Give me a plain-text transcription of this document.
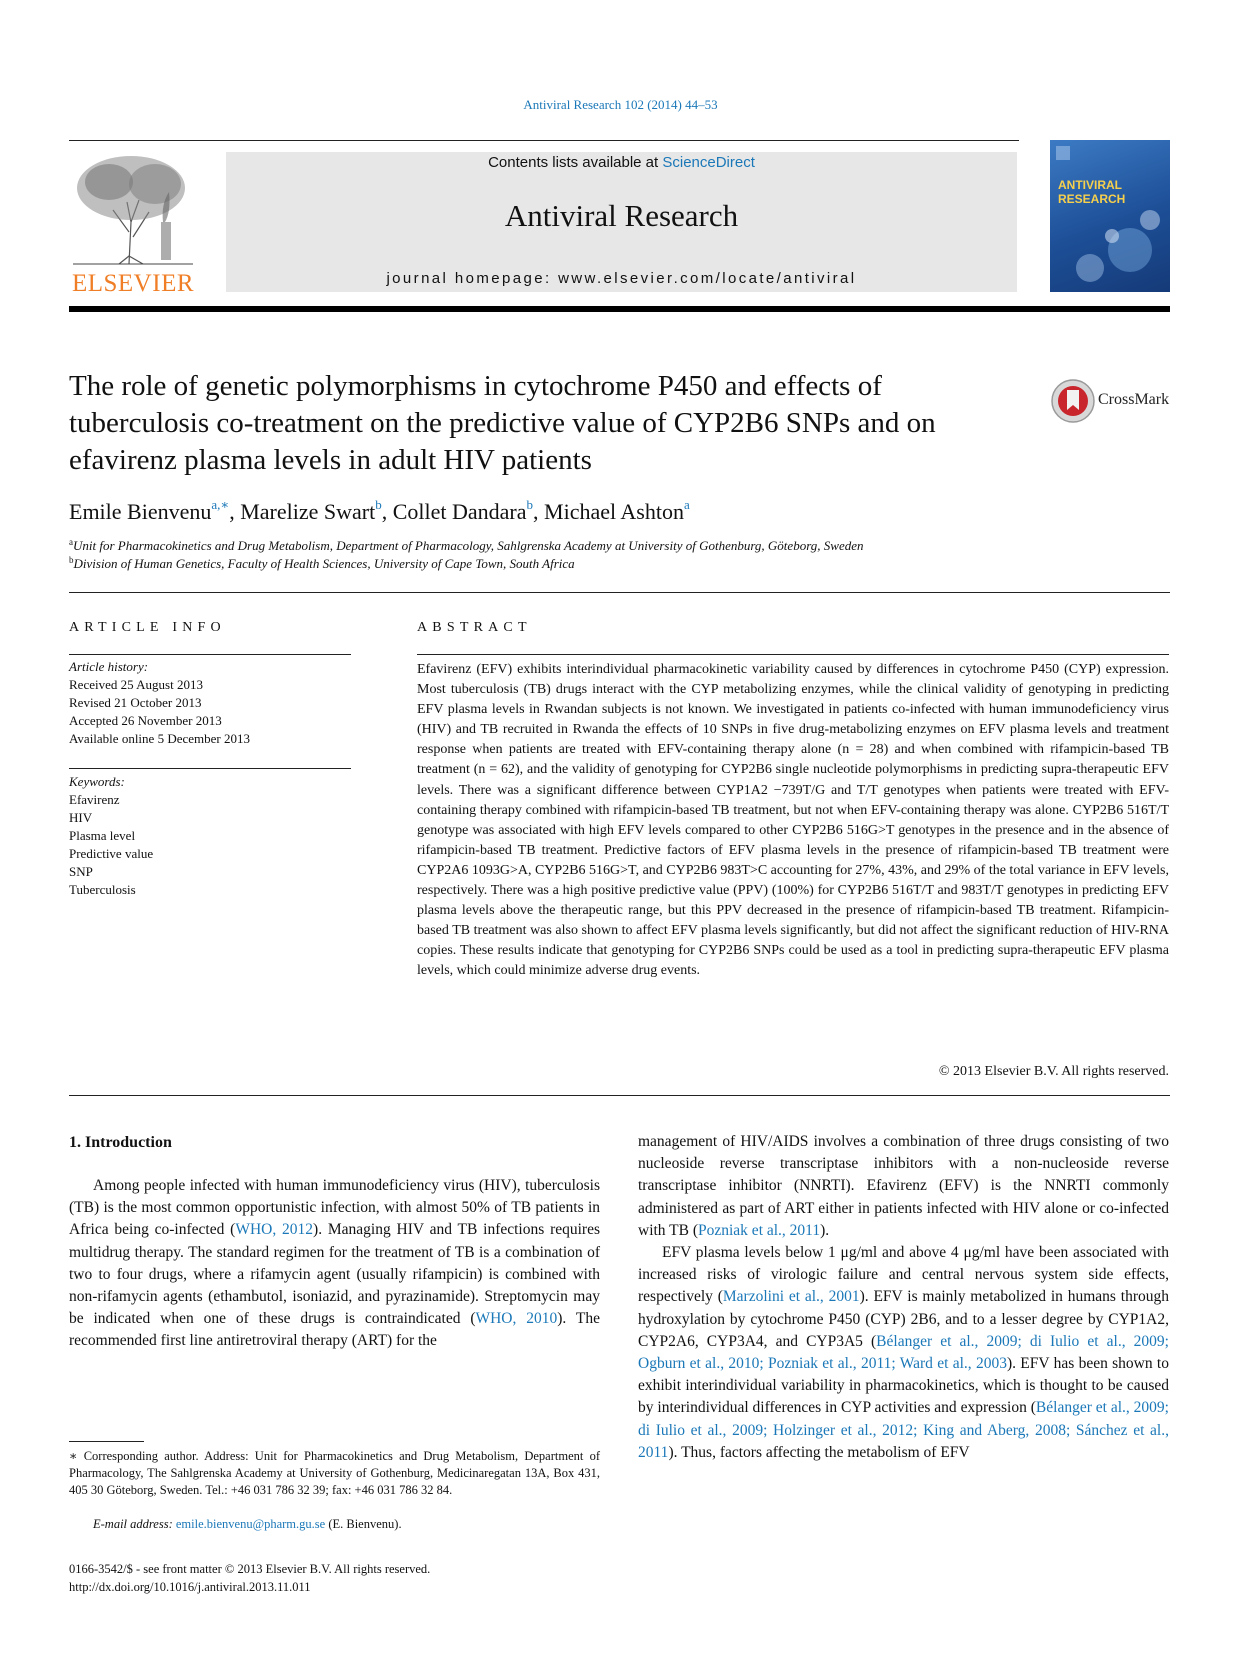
Antiviral Research 102 (2014) 44–53
ELSEVIER
Contents lists available at ScienceDirect
Antiviral Research
journal homepage: www.elsevier.com/locate/antiviral
ANTIVIRAL RESEARCH
The role of genetic polymorphisms in cytochrome P450 and effects of tuberculosis co-treatment on the predictive value of CYP2B6 SNPs and on efavirenz plasma levels in adult HIV patients
CrossMark
Emile Bienvenu$^{a,∗}$, Marelize Swart$^b$, Collet Dandara$^b$, Michael Ashton$^a$
$^a$Unit for Pharmacokinetics and Drug Metabolism, Department of Pharmacology, Sahlgrenska Academy at University of Gothenburg, Göteborg, Sweden
$^b$Division of Human Genetics, Faculty of Health Sciences, University of Cape Town, South Africa
ARTICLE INFO
Article history:
Received 25 August 2013
Revised 21 October 2013
Accepted 26 November 2013
Available online 5 December 2013
Keywords:
Efavirenz
HIV
Plasma level
Predictive value
SNP
Tuberculosis
ABSTRACT
Efavirenz (EFV) exhibits interindividual pharmacokinetic variability caused by differences in cytochrome P450 (CYP) expression. Most tuberculosis (TB) drugs interact with the CYP metabolizing enzymes, while the clinical validity of genotyping in predicting EFV plasma levels in Rwandan subjects is not known. We investigated in patients co-infected with human immunodeficiency virus (HIV) and TB recruited in Rwanda the effects of 10 SNPs in five drug-metabolizing enzymes on EFV plasma levels and treatment response when patients are treated with EFV-containing therapy alone (n = 28) and when combined with rifampicin-based TB treatment (n = 62), and the validity of genotyping for CYP2B6 single nucleotide polymorphisms in predicting supra-therapeutic EFV levels. There was a significant difference between CYP1A2 −739T/G and T/T genotypes when patients were treated with EFV-containing therapy combined with rifampicin-based TB treatment, but not when EFV-containing therapy was alone. CYP2B6 516T/T genotype was associated with high EFV levels compared to other CYP2B6 516G>T genotypes in the presence and in the absence of rifampicin-based TB treatment. Predictive factors of EFV plasma levels in the presence of rifampicin-based TB treatment were CYP2A6 1093G>A, CYP2B6 516G>T, and CYP2B6 983T>C accounting for 27%, 43%, and 29% of the total variance in EFV levels, respectively. There was a high positive predictive value (PPV) (100%) for CYP2B6 516T/T and 983T/T genotypes in predicting EFV plasma levels above the therapeutic range, but this PPV decreased in the presence of rifampicin-based TB treatment. Rifampicin-based TB treatment was also shown to affect EFV plasma levels significantly, but did not affect the significant reduction of HIV-RNA copies. These results indicate that genotyping for CYP2B6 SNPs could be used as a tool in predicting supra-therapeutic EFV plasma levels, which could minimize adverse drug events.
© 2013 Elsevier B.V. All rights reserved.
1. Introduction

Among people infected with human immunodeficiency virus (HIV), tuberculosis (TB) is the most common opportunistic infection, with almost 50% of TB patients in Africa being co-infected (WHO, 2012). Managing HIV and TB infections requires multidrug therapy. The standard regimen for the treatment of TB is a combination of two to four drugs, where a rifamycin agent (usually rifampicin) is combined with non-rifamycin agents (ethambutol, isoniazid, and pyrazinamide). Streptomycin may be indicated when one of these drugs is contraindicated (WHO, 2010). The recommended first line antiretroviral therapy (ART) for the

management of HIV/AIDS involves a combination of three drugs consisting of two nucleoside reverse transcriptase inhibitors with a non-nucleoside reverse transcriptase inhibitor (NNRTI). Efavirenz (EFV) is the NNRTI commonly administered as part of ART either in patients infected with HIV alone or co-infected with TB (Pozniak et al., 2011).

EFV plasma levels below 1 μg/ml and above 4 μg/ml have been associated with increased risks of virologic failure and central nervous system side effects, respectively (Marzolini et al., 2001). EFV is mainly metabolized in humans through hydroxylation by cytochrome P450 (CYP) 2B6, and to a lesser degree by CYP1A2, CYP2A6, CYP3A4, and CYP3A5 (Bélanger et al., 2009; di Iulio et al., 2009; Ogburn et al., 2010; Pozniak et al., 2011; Ward et al., 2003). EFV has been shown to exhibit interindividual variability in pharmacokinetics, which is thought to be caused by interindividual differences in CYP activities and expression (Bélanger et al., 2009; di Iulio et al., 2009; Holzinger et al., 2012; King and Aberg, 2008; Sánchez et al., 2011). Thus, factors affecting the metabolism of EFV

∗ Corresponding author. Address: Unit for Pharmacokinetics and Drug Metabolism, Department of Pharmacology, The Sahlgrenska Academy at University of Gothenburg, Medicinaregatan 13A, Box 431, 405 30 Göteborg, Sweden. Tel.: +46 031 786 32 39; fax: +46 031 786 32 84.
E-mail address: emile.bienvenu@pharm.gu.se (E. Bienvenu).
0166-3542/$ - see front matter © 2013 Elsevier B.V. All rights reserved.
http://dx.doi.org/10.1016/j.antiviral.2013.11.011
